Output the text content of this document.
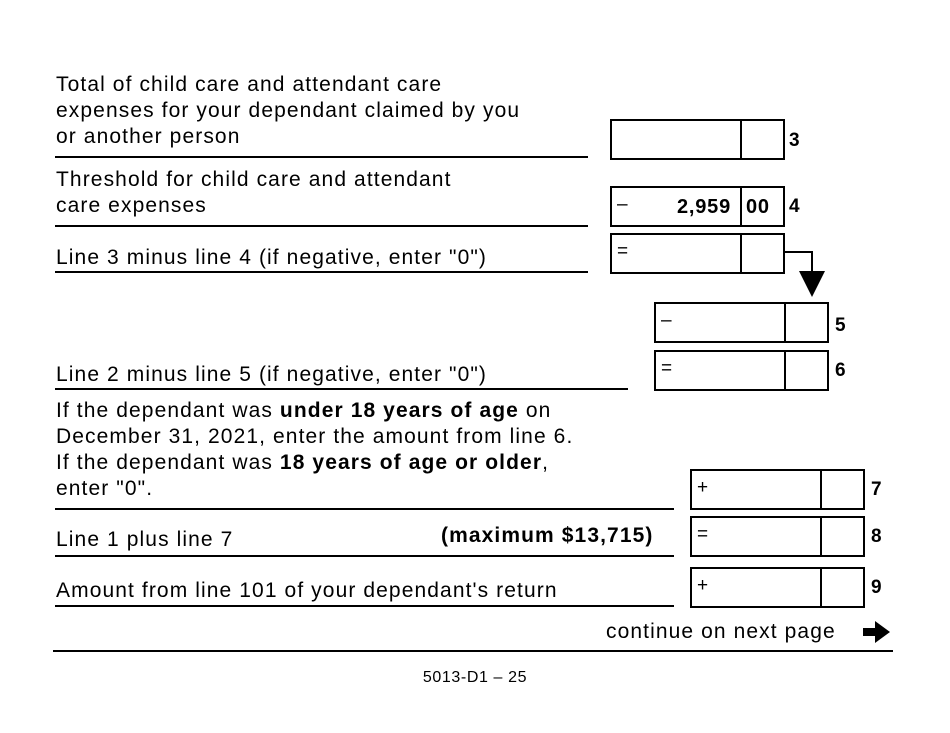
Total of child care and attendant care
expenses for your dependant claimed by you
or another person	3
Threshold for child care and attendant
care expenses	– 2,959 00 4
Line 3 minus line 4 (if negative, enter "0")	=
–	5
Line 2 minus line 5 (if negative, enter "0")	=	6
If the dependant was under 18 years of age on
December 31, 2021, enter the amount from line 6.
If the dependant was 18 years of age or older,
enter "0".	+	7
Line 1 plus line 7	(maximum $13,715) =	8
Amount from line 101 of your dependant's return	+	9
continue on next page
5013-D1 – 25
